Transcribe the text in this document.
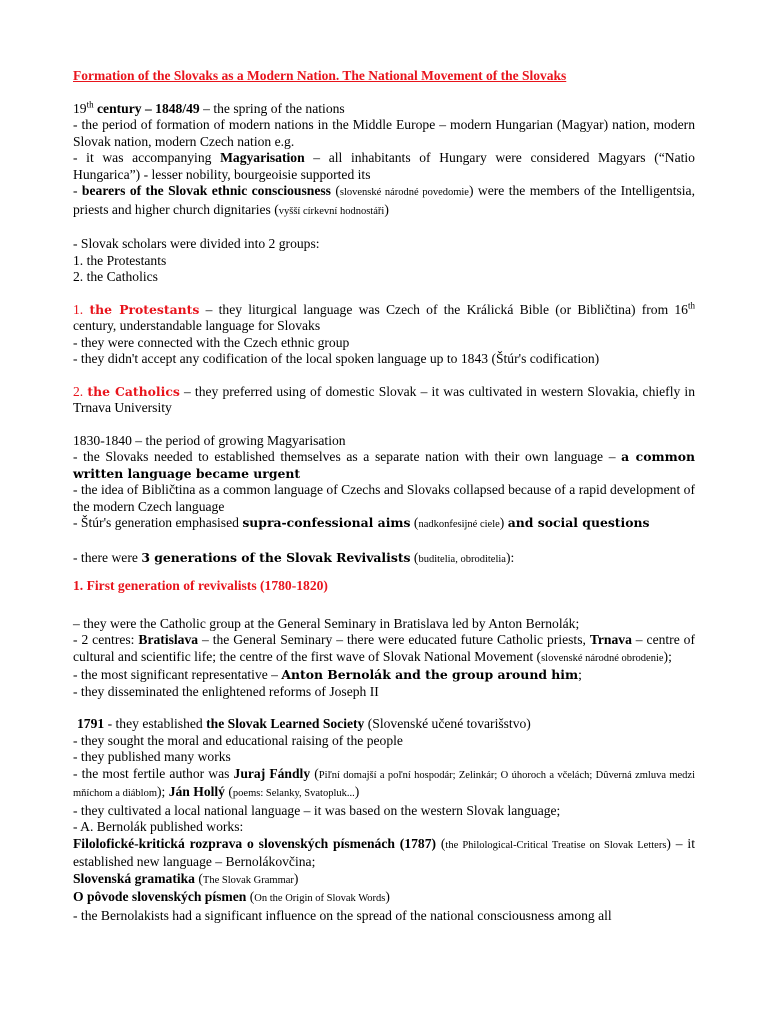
Formation of the Slovaks as a Modern Nation. The National Movement of the Slovaks

19th century – 1848/49 – the spring of the nations

- the period of formation of modern nations in the Middle Europe – modern Hungarian (Magyar) nation, modern Slovak nation, modern Czech nation e.g.

- it was accompanying Magyarisation – all inhabitants of Hungary were considered Magyars (“Natio Hungarica”) - lesser nobility, bourgeoisie supported its

- bearers of the Slovak ethnic consciousness (slovenské národné povedomie) were the members of the Intelligentsia, priests and higher church dignitaries (vyšší církevní hodnostáři)

- Slovak scholars were divided into 2 groups:

1. the Protestants

2. the Catholics

1. the Protestants – they liturgical language was Czech of the Králická Bible (or Bibličtina) from 16th century, understandable language for Slovaks

- they were connected with the Czech ethnic group

- they didn't accept any codification of the local spoken language up to 1843 (Štúr's codification)

2. the Catholics – they preferred using of domestic Slovak – it was cultivated in western Slovakia, chiefly in Trnava University

1830-1840 – the period of growing Magyarisation

- the Slovaks needed to established themselves as a separate nation with their own language – a common written language became urgent

- the idea of Bibličtina as a common language of Czechs and Slovaks collapsed because of a rapid development of the modern Czech language

- Štúr's generation emphasised supra-confessional aims (nadkonfesijné ciele) and social questions

- there were 3 generations of the Slovak Revivalists (buditelia, obroditelia):

1. First generation of revivalists (1780-1820)

– they were the Catholic group at the General Seminary in Bratislava led by Anton Bernolák;

- 2 centres: Bratislava – the General Seminary – there were educated future Catholic priests, Trnava – centre of cultural and scientific life; the centre of the first wave of Slovak National Movement (slovenské národné obrodenie);

- the most significant representative – Anton Bernolák and the group around him;

- they disseminated the enlightened reforms of Joseph II

1791 - they established the Slovak Learned Society (Slovenské učené tovarišstvo)

- they sought the moral and educational raising of the people

- they published many works

- the most fertile author was Juraj Fándly (Piľní domajší a poľní hospodár; Zelinkár; O úhoroch a včelách; Dûverná zmluva medzi mňíchom a diáblom); Ján Hollý (poems: Selanky, Svatopluk...)

- they cultivated a local national language – it was based on the western Slovak language;

- A. Bernolák published works:

Filolofické-kritická rozprava o slovenských písmenách (1787) (the Philological-Critical Treatise on Slovak Letters) – it established new language – Bernolákovčina;

Slovenská gramatika (The Slovak Grammar)

O pôvode slovenských písmen (On the Origin of Slovak Words)

- the Bernolakists had a significant influence on the spread of the national consciousness among all
